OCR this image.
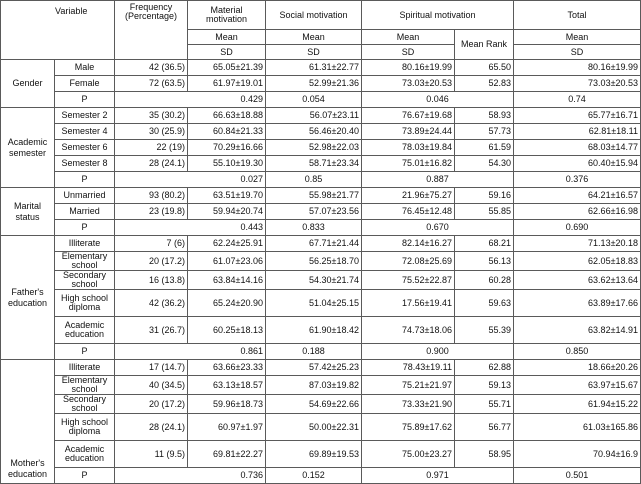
Variable		Frequency (Percentage)	Material motivation	Social motivation	Spiritual motivation		Total
			Mean	Mean	Mean	Mean Rank	Mean
			SD	SD	SD		SD
Gender	Male	42 (36.5)	65.05±21.39	61.31±22.77	80.16±19.99	65.50	80.16±19.99
	Female	72 (63.5)	61.97±19.01	52.99±21.36	73.03±20.53	52.83	73.03±20.53
	P	0.429		0.054	0.046		0.74
Academic semester	Semester 2	35 (30.2)	66.63±18.88	56.07±23.11	76.67±19.68	58.93	65.77±16.71
	Semester 4	30 (25.9)	60.84±21.33	56.46±20.40	73.89±24.44	57.73	62.81±18.11
	Semester 6	22 (19)	70.29±16.66	52.98±22.03	78.03±19.84	61.59	68.03±14.77
	Semester 8	28 (24.1)	55.10±19.30	58.71±23.34	75.01±16.82	54.30	60.40±15.94
	P	0.027		0.85	0.887		0.376
Marital status	Unmarried	93 (80.2)	63.51±19.70	55.98±21.77	21.96±75.27	59.16	64.21±16.57
	Married	23 (19.8)	59.94±20.74	57.07±23.56	76.45±12.48	55.85	62.66±16.98
	P	0.443		0.833	0.670		0.690
Father's education	Illiterate	7 (6)	62.24±25.91	67.71±21.44	82.14±16.27	68.21	71.13±20.18
	Elementary school	20 (17.2)	61.07±23.06	56.25±18.70	72.08±25.69	56.13	62.05±18.83
	Secondary school	16 (13.8)	63.84±14.16	54.30±21.74	75.52±22.87	60.28	63.62±13.64
	High school diploma	42 (36.2)	65.24±20.90	51.04±25.15	17.56±19.41	59.63	63.89±17.66
	Academic education	31 (26.7)	60.25±18.13	61.90±18.42	74.73±18.06	55.39	63.82±14.91
	P	0.861		0.188	0.900		0.850
Mother's education	Illiterate	17 (14.7)	63.66±23.33	57.42±25.23	78.43±19.11	62.88	18.66±20.26
	Elementary school	40 (34.5)	63.13±18.57	87.03±19.82	75.21±21.97	59.13	63.97±15.67
	Secondary school	20 (17.2)	59.96±18.73	54.69±22.66	73.33±21.90	55.71	61.94±15.22
	High school diploma	28 (24.1)	60.97±1.97	50.00±22.31	75.89±17.62	56.77	61.03±165.86
	Academic education	11 (9.5)	69.81±22.27	69.89±19.53	75.00±23.27	58.95	70.94±16.9
	P	0.736		0.152	0.971		0.501
